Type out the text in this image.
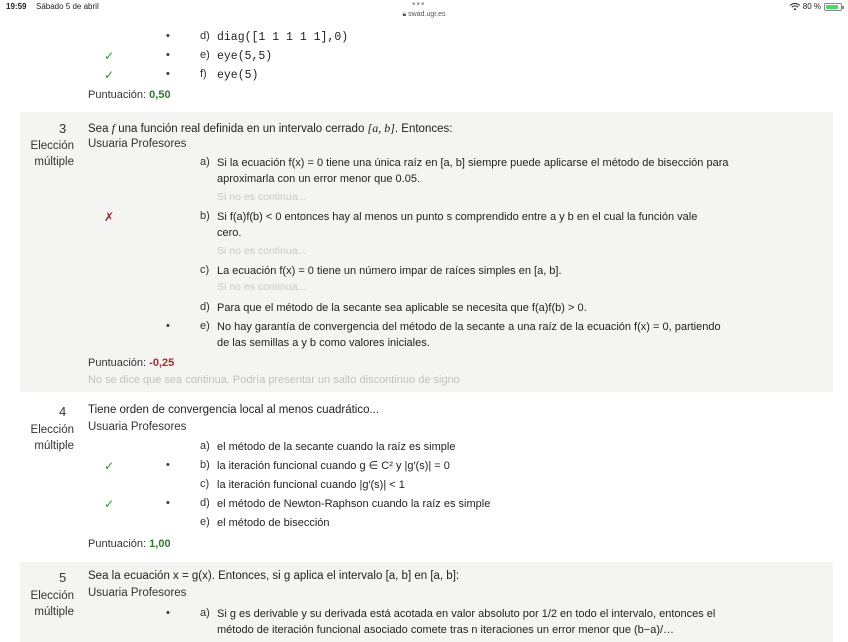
19:59 Sábado 5 de abril	•••
🔒︎ swad.ugr.es
80 %
•	d) diag([1 1 1 1 1],0)
✓	•	e) eye(5,5)
✓	•	f) eye(5)
Puntuación: 0,50
3
Elección múltiple
Sea f una función real definida en un intervalo cerrado [a, b]. Entonces:
Usuaria Profesores
a) Si la ecuación f(x) = 0 tiene una única raíz en [a, b] siempre puede aplicarse el método de bisección para
aproximarla con un error menor que 0.05.
Si no es continua...
✗	b) Si f(a)f(b) < 0 entonces hay al menos un punto s comprendido entre a y b en el cual la función vale
cero.
Si no es continua...
c) La ecuación f(x) = 0 tiene un número impar de raíces simples en [a, b].
Si no es continua...
d) Para que el método de la secante sea aplicable se necesita que f(a)f(b) > 0.
•	e) No hay garantía de convergencia del método de la secante a una raíz de la ecuación f(x) = 0, partiendo
de las semillas a y b como valores iniciales.
Puntuación: -0,25
No se dice que sea continua. Podría presentar un salto discontinuo de signo
4
Elección múltiple
Tiene orden de convergencia local al menos cuadrático...
Usuaria Profesores
a) el método de la secante cuando la raíz es simple
✓	•	b) la iteración funcional cuando g ∈ C² y |g′(s)| = 0
c) la iteración funcional cuando |g′(s)| < 1
✓	•	d) el método de Newton-Raphson cuando la raíz es simple
e) el método de bisección
Puntuación: 1,00
5
Elección múltiple
Sea la ecuación x = g(x). Entonces, si g aplica el intervalo [a, b] en [a, b]:
Usuaria Profesores
•	a) Si g es derivable y su derivada está acotada en valor absoluto por 1/2 en todo el intervalo, entonces el
método de iteración funcional asociado comete tras n iteraciones un error menor que (b−a)/…
